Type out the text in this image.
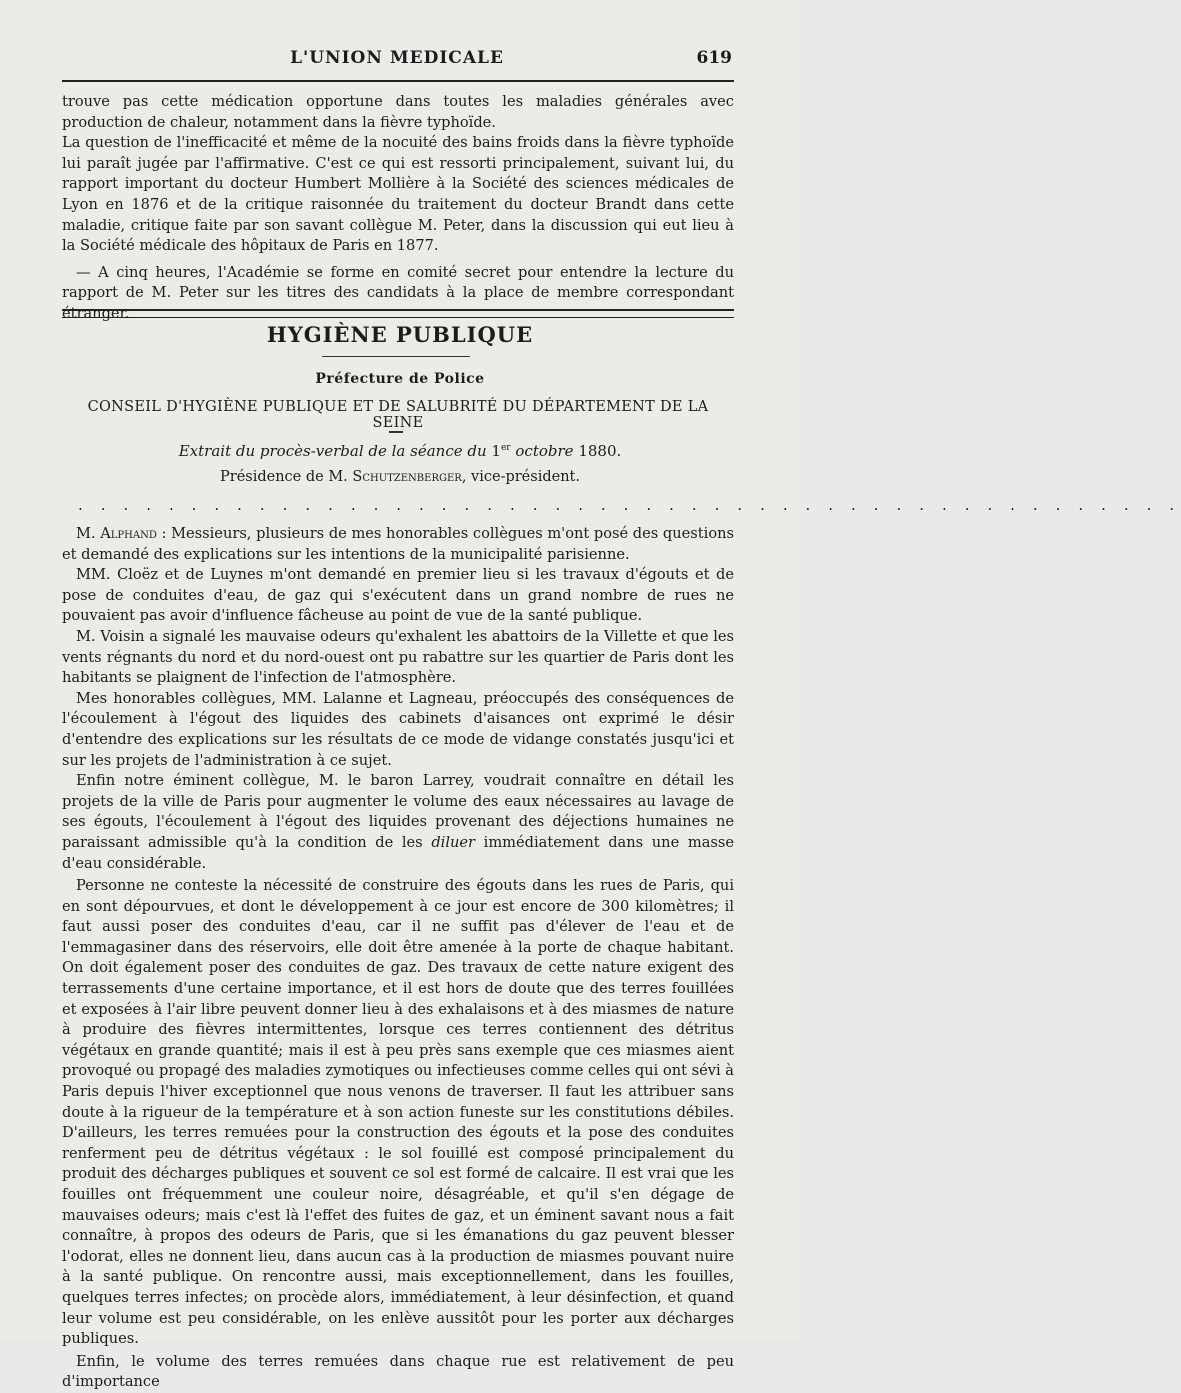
L'UNION MEDICALE	619

trouve pas cette médication opportune dans toutes les maladies générales avec production de chaleur, notamment dans la fièvre typhoïde.

La question de l'inefficacité et même de la nocuité des bains froids dans la fièvre typhoïde lui paraît jugée par l'affirmative. C'est ce qui est ressorti principalement, suivant lui, du rapport important du docteur Humbert Mollière à la Société des sciences médicales de Lyon en 1876 et de la critique raisonnée du traitement du docteur Brandt dans cette maladie, critique faite par son savant collègue M. Peter, dans la discussion qui eut lieu à la Société médicale des hôpitaux de Paris en 1877.

— A cinq heures, l'Académie se forme en comité secret pour entendre la lecture du rapport de M. Peter sur les titres des candidats à la place de membre correspondant étranger.

HYGIÈNE PUBLIQUE
Préfecture de Police
CONSEIL D'HYGIÈNE PUBLIQUE ET DE SALUBRITÉ DU DÉPARTEMENT DE LA SEINE
Extrait du procès-verbal de la séance du 1er octobre 1880.
Présidence de M. Schutzenberger, vice-président.
. . . . . . . . . . . . . . . . . . . . . . . . . . . . . . . . . . . . . . . . . . . . . . . . .

M. Alphand : Messieurs, plusieurs de mes honorables collègues m'ont posé des questions et demandé des explications sur les intentions de la municipalité parisienne.

MM. Cloëz et de Luynes m'ont demandé en premier lieu si les travaux d'égouts et de pose de conduites d'eau, de gaz qui s'exécutent dans un grand nombre de rues ne pouvaient pas avoir d'influence fâcheuse au point de vue de la santé publique.

M. Voisin a signalé les mauvaise odeurs qu'exhalent les abattoirs de la Villette et que les vents régnants du nord et du nord-ouest ont pu rabattre sur les quartier de Paris dont les habitants se plaignent de l'infection de l'atmosphère.

Mes honorables collègues, MM. Lalanne et Lagneau, préoccupés des conséquences de l'écoulement à l'égout des liquides des cabinets d'aisances ont exprimé le désir d'entendre des explications sur les résultats de ce mode de vidange constatés jusqu'ici et sur les projets de l'administration à ce sujet.

Enfin notre éminent collègue, M. le baron Larrey, voudrait connaître en détail les projets de la ville de Paris pour augmenter le volume des eaux nécessaires au lavage de ses égouts, l'écoulement à l'égout des liquides provenant des déjections humaines ne paraissant admissible qu'à la condition de les diluer immédiatement dans une masse d'eau considérable.

Personne ne conteste la nécessité de construire des égouts dans les rues de Paris, qui en sont dépourvues, et dont le développement à ce jour est encore de 300 kilomètres; il faut aussi poser des conduites d'eau, car il ne suffit pas d'élever de l'eau et de l'emmagasiner dans des réservoirs, elle doit être amenée à la porte de chaque habitant. On doit également poser des conduites de gaz. Des travaux de cette nature exigent des terrassements d'une certaine importance, et il est hors de doute que des terres fouillées et exposées à l'air libre peuvent donner lieu à des exhalaisons et à des miasmes de nature à produire des fièvres intermittentes, lorsque ces terres contiennent des détritus végétaux en grande quantité; mais il est à peu près sans exemple que ces miasmes aient provoqué ou propagé des maladies zymotiques ou infectieuses comme celles qui ont sévi à Paris depuis l'hiver exceptionnel que nous venons de traverser. Il faut les attribuer sans doute à la rigueur de la température et à son action funeste sur les constitutions débiles. D'ailleurs, les terres remuées pour la construction des égouts et la pose des conduites renferment peu de détritus végétaux : le sol fouillé est composé principalement du produit des décharges publiques et souvent ce sol est formé de calcaire. Il est vrai que les fouilles ont fréquemment une couleur noire, désagréable, et qu'il s'en dégage de mauvaises odeurs; mais c'est là l'effet des fuites de gaz, et un éminent savant nous a fait connaître, à propos des odeurs de Paris, que si les émanations du gaz peuvent blesser l'odorat, elles ne donnent lieu, dans aucun cas à la production de miasmes pouvant nuire à la santé publique. On rencontre aussi, mais exceptionnellement, dans les fouilles, quelques terres infectes; on procède alors, immédiatement, à leur désinfection, et quand leur volume est peu considérable, on les enlève aussitôt pour les porter aux décharges publiques.

Enfin, le volume des terres remuées dans chaque rue est relativement de peu d'importance
